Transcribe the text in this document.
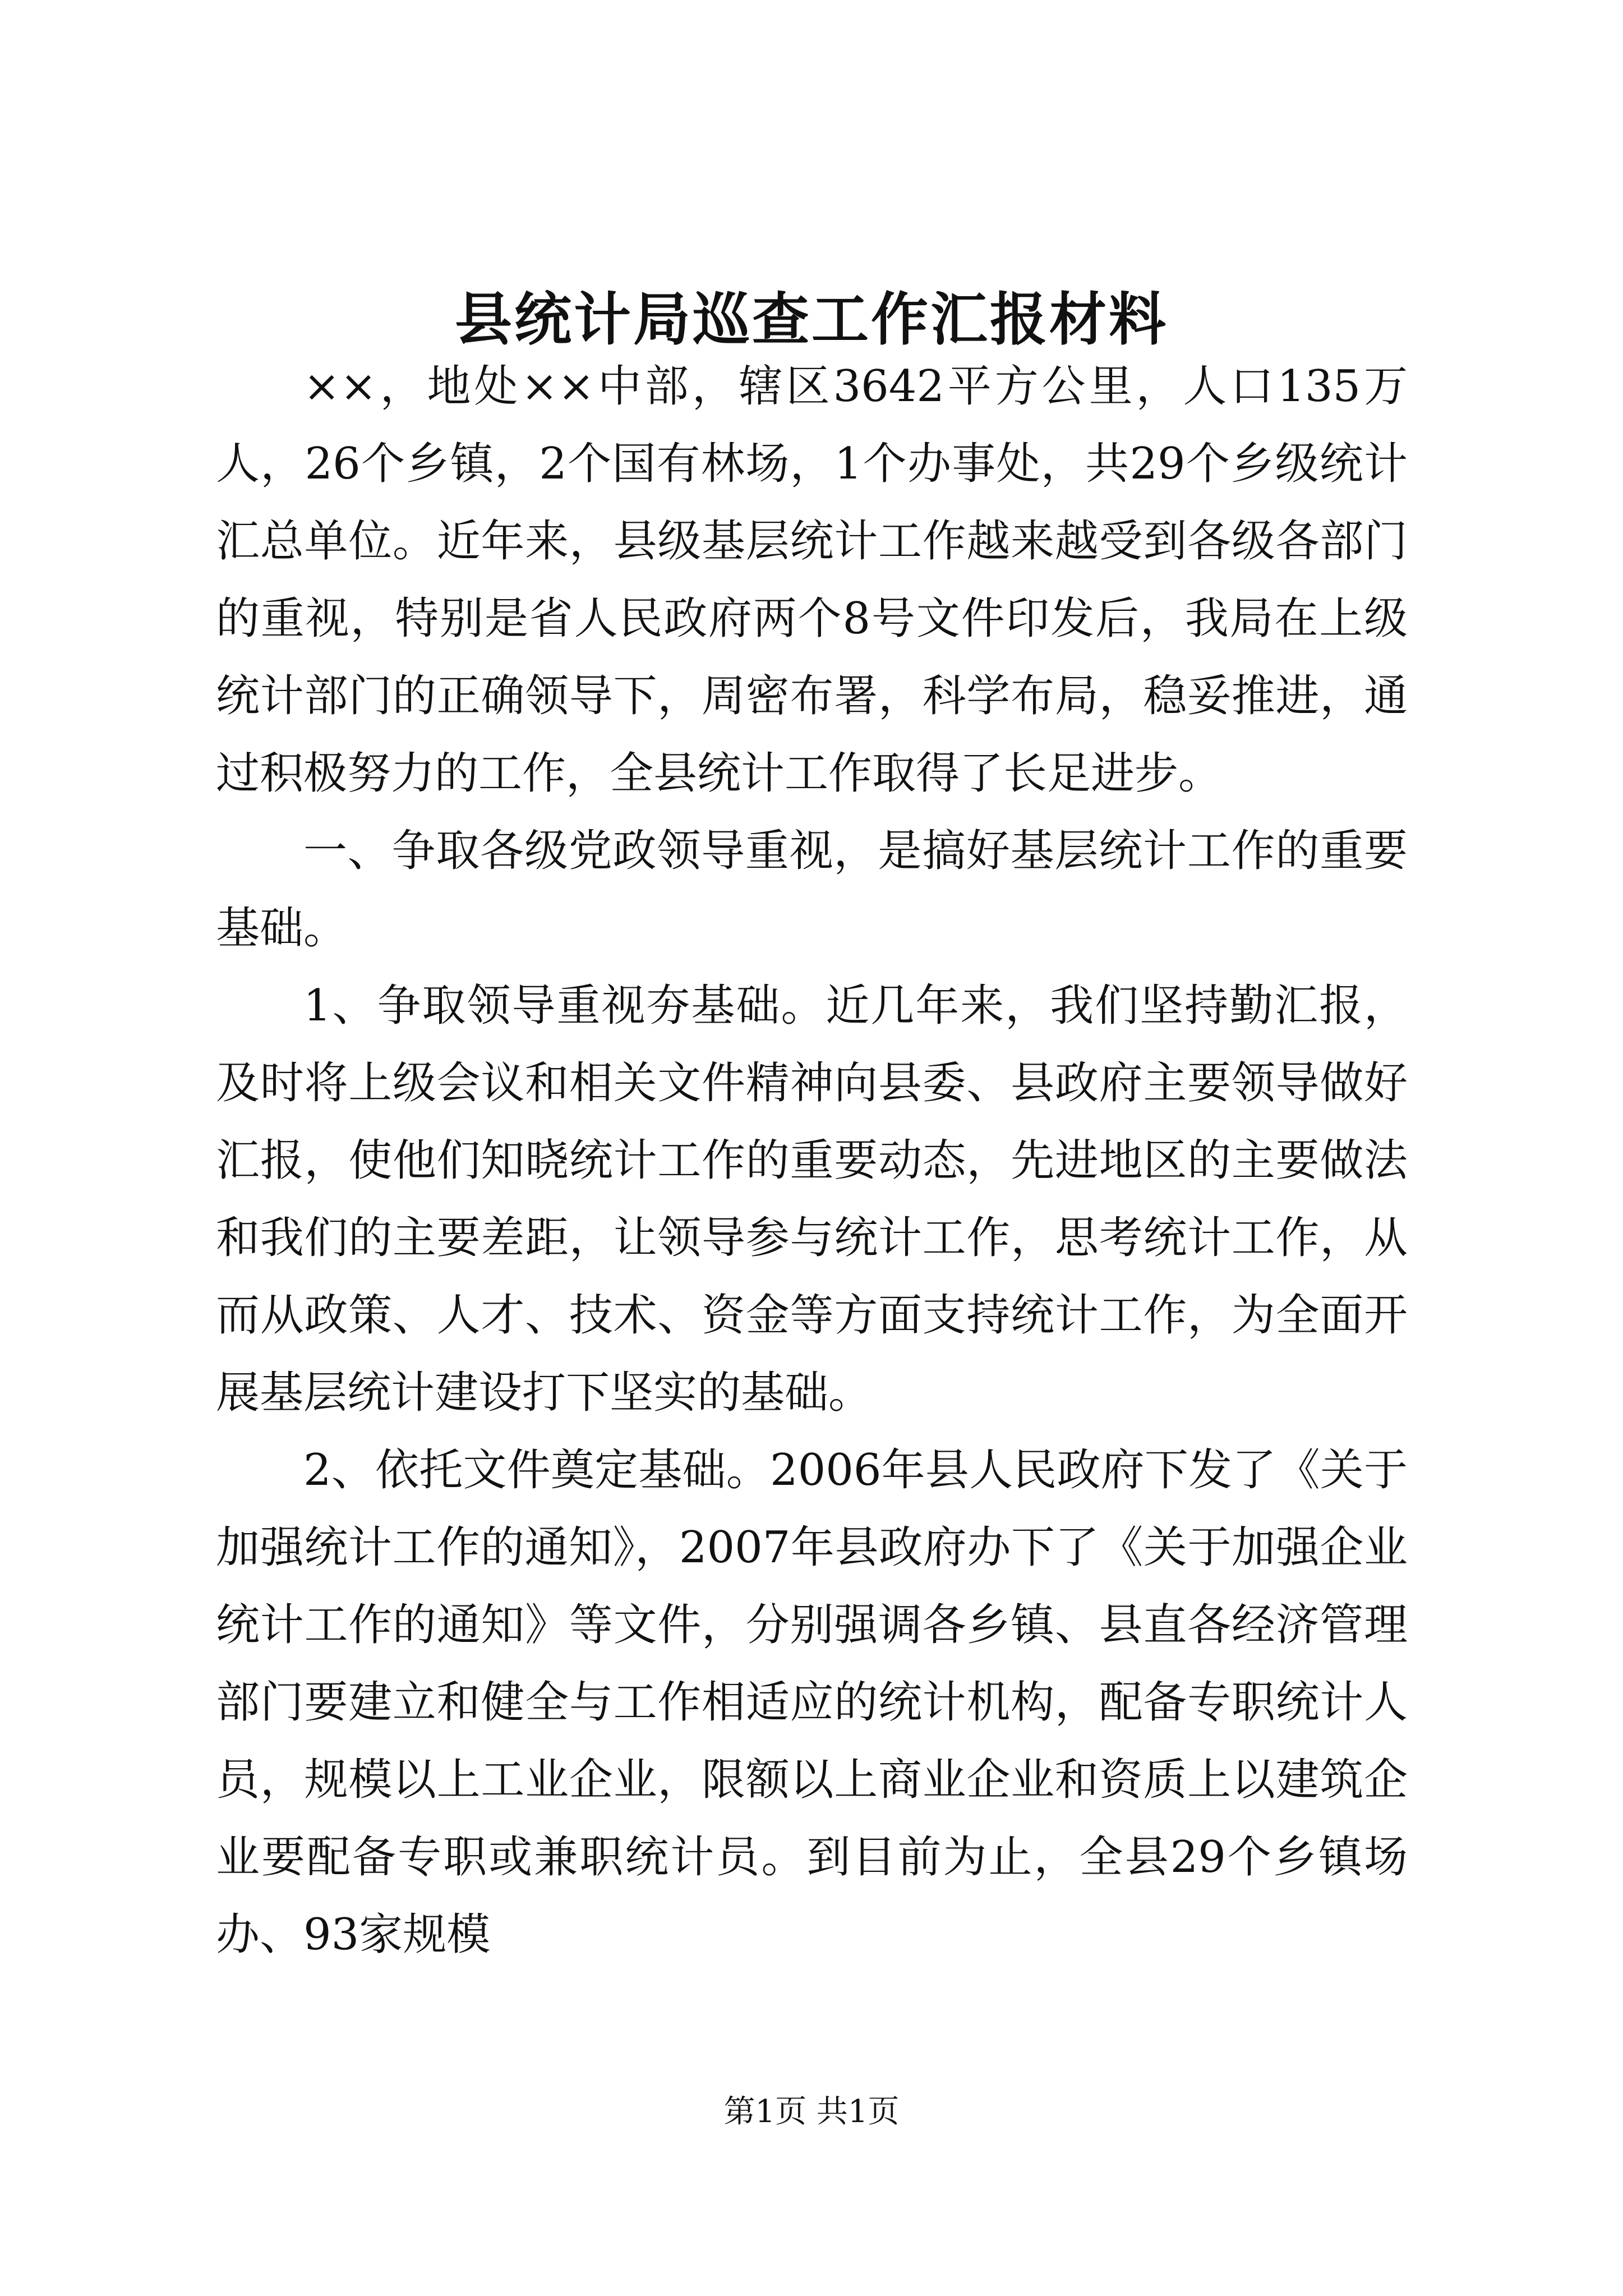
县统计局巡查工作汇报材料

××，地处××中部，辖区3642平方公里，人口135万人，26个乡镇，2个国有林场，1个办事处，共29个乡级统计汇总单位。近年来，县级基层统计工作越来越受到各级各部门的重视，特别是省人民政府两个8号文件印发后，我局在上级统计部门的正确领导下，周密布署，科学布局，稳妥推进，通过积极努力的工作，全县统计工作取得了长足进步。

一、争取各级党政领导重视，是搞好基层统计工作的重要基础。

1、争取领导重视夯基础。近几年来，我们坚持勤汇报，及时将上级会议和相关文件精神向县委、县政府主要领导做好汇报，使他们知晓统计工作的重要动态，先进地区的主要做法和我们的主要差距，让领导参与统计工作，思考统计工作，从而从政策、人才、技术、资金等方面支持统计工作，为全面开展基层统计建设打下坚实的基础。

2、依托文件奠定基础。2006年县人民政府下发了《关于加强统计工作的通知》，2007年县政府办下了《关于加强企业统计工作的通知》等文件，分别强调各乡镇、县直各经济管理部门要建立和健全与工作相适应的统计机构，配备专职统计人员，规模以上工业企业，限额以上商业企业和资质上以建筑企业要配备专职或兼职统计员。到目前为止，全县29个乡镇场办、93家规模

第1页 共1页
